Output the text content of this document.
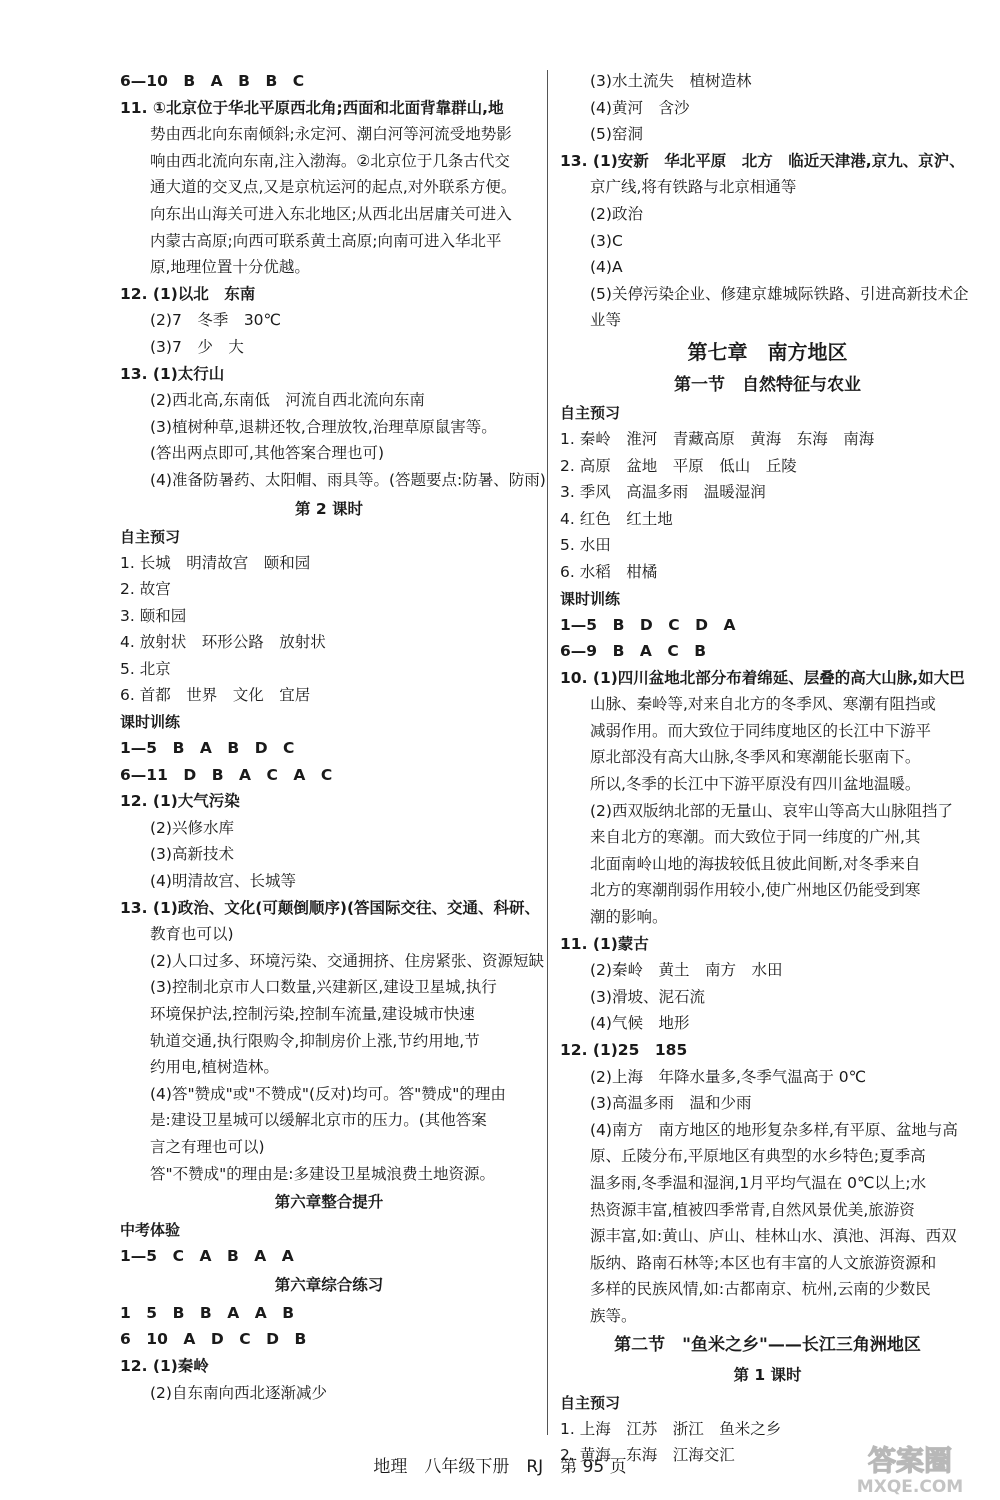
6—10　B　A　B　B　C
11. ①北京位于华北平原西北角;西面和北面背靠群山,地
势由西北向东南倾斜;永定河、潮白河等河流受地势影
响由西北流向东南,注入渤海。②北京位于几条古代交
通大道的交叉点,又是京杭运河的起点,对外联系方便。
向东出山海关可进入东北地区;从西北出居庸关可进入
内蒙古高原;向西可联系黄土高原;向南可进入华北平
原,地理位置十分优越。
12. (1)以北　东南
(2)7　冬季　30℃
(3)7　少　大
13. (1)太行山
(2)西北高,东南低　河流自西北流向东南
(3)植树种草,退耕还牧,合理放牧,治理草原鼠害等。
(答出两点即可,其他答案合理也可)
(4)准备防暑药、太阳帽、雨具等。(答题要点:防暑、防雨)
第 2 课时
自主预习
1. 长城　明清故宫　颐和园
2. 故宫
3. 颐和园
4. 放射状　环形公路　放射状
5. 北京
6. 首都　世界　文化　宜居
课时训练
1—5　B　A　B　D　C
6—11　D　B　A　C　A　C
12. (1)大气污染
(2)兴修水库
(3)高新技术
(4)明清故宫、长城等
13. (1)政治、文化(可颠倒顺序)(答国际交往、交通、科研、
教育也可以)
(2)人口过多、环境污染、交通拥挤、住房紧张、资源短缺
(3)控制北京市人口数量,兴建新区,建设卫星城,执行
环境保护法,控制污染,控制车流量,建设城市快速
轨道交通,执行限购令,抑制房价上涨,节约用地,节
约用电,植树造林。
(4)答"赞成"或"不赞成"(反对)均可。答"赞成"的理由
是:建设卫星城可以缓解北京市的压力。(其他答案
言之有理也可以)
答"不赞成"的理由是:多建设卫星城浪费土地资源。
第六章整合提升
中考体验
1—5　C　A　B　A　A
第六章综合练习
1　5　B　B　A　A　B
6　10　A　D　C　D　B
12. (1)秦岭
(2)自东南向西北逐渐减少
(3)水土流失　植树造林
(4)黄河　含沙
(5)窑洞
13. (1)安新　华北平原　北方　临近天津港,京九、京沪、
京广线,将有铁路与北京相通等
(2)政治
(3)C
(4)A
(5)关停污染企业、修建京雄城际铁路、引进高新技术企
业等
第七章　南方地区
第一节　自然特征与农业
自主预习
1. 秦岭　淮河　青藏高原　黄海　东海　南海
2. 高原　盆地　平原　低山　丘陵
3. 季风　高温多雨　温暖湿润
4. 红色　红土地
5. 水田
6. 水稻　柑橘
课时训练
1—5　B　D　C　D　A
6—9　B　A　C　B
10. (1)四川盆地北部分布着绵延、层叠的高大山脉,如大巴
山脉、秦岭等,对来自北方的冬季风、寒潮有阻挡或
减弱作用。而大致位于同纬度地区的长江中下游平
原北部没有高大山脉,冬季风和寒潮能长驱南下。
所以,冬季的长江中下游平原没有四川盆地温暖。
(2)西双版纳北部的无量山、哀牢山等高大山脉阻挡了
来自北方的寒潮。而大致位于同一纬度的广州,其
北面南岭山地的海拔较低且彼此间断,对冬季来自
北方的寒潮削弱作用较小,使广州地区仍能受到寒
潮的影响。
11. (1)蒙古
(2)秦岭　黄土　南方　水田
(3)滑坡、泥石流
(4)气候　地形
12. (1)25　185
(2)上海　年降水量多,冬季气温高于 0℃
(3)高温多雨　温和少雨
(4)南方　南方地区的地形复杂多样,有平原、盆地与高
原、丘陵分布,平原地区有典型的水乡特色;夏季高
温多雨,冬季温和湿润,1月平均气温在 0℃以上;水
热资源丰富,植被四季常青,自然风景优美,旅游资
源丰富,如:黄山、庐山、桂林山水、滇池、洱海、西双
版纳、路南石林等;本区也有丰富的人文旅游资源和
多样的民族风情,如:古都南京、杭州,云南的少数民
族等。
第二节　"鱼米之乡"——长江三角洲地区
第 1 课时
自主预习
1. 上海　江苏　浙江　鱼米之乡
2. 黄海　东海　江海交汇
地理　八年级下册　RJ　第 95 页	答案圈
MXQE.COM
